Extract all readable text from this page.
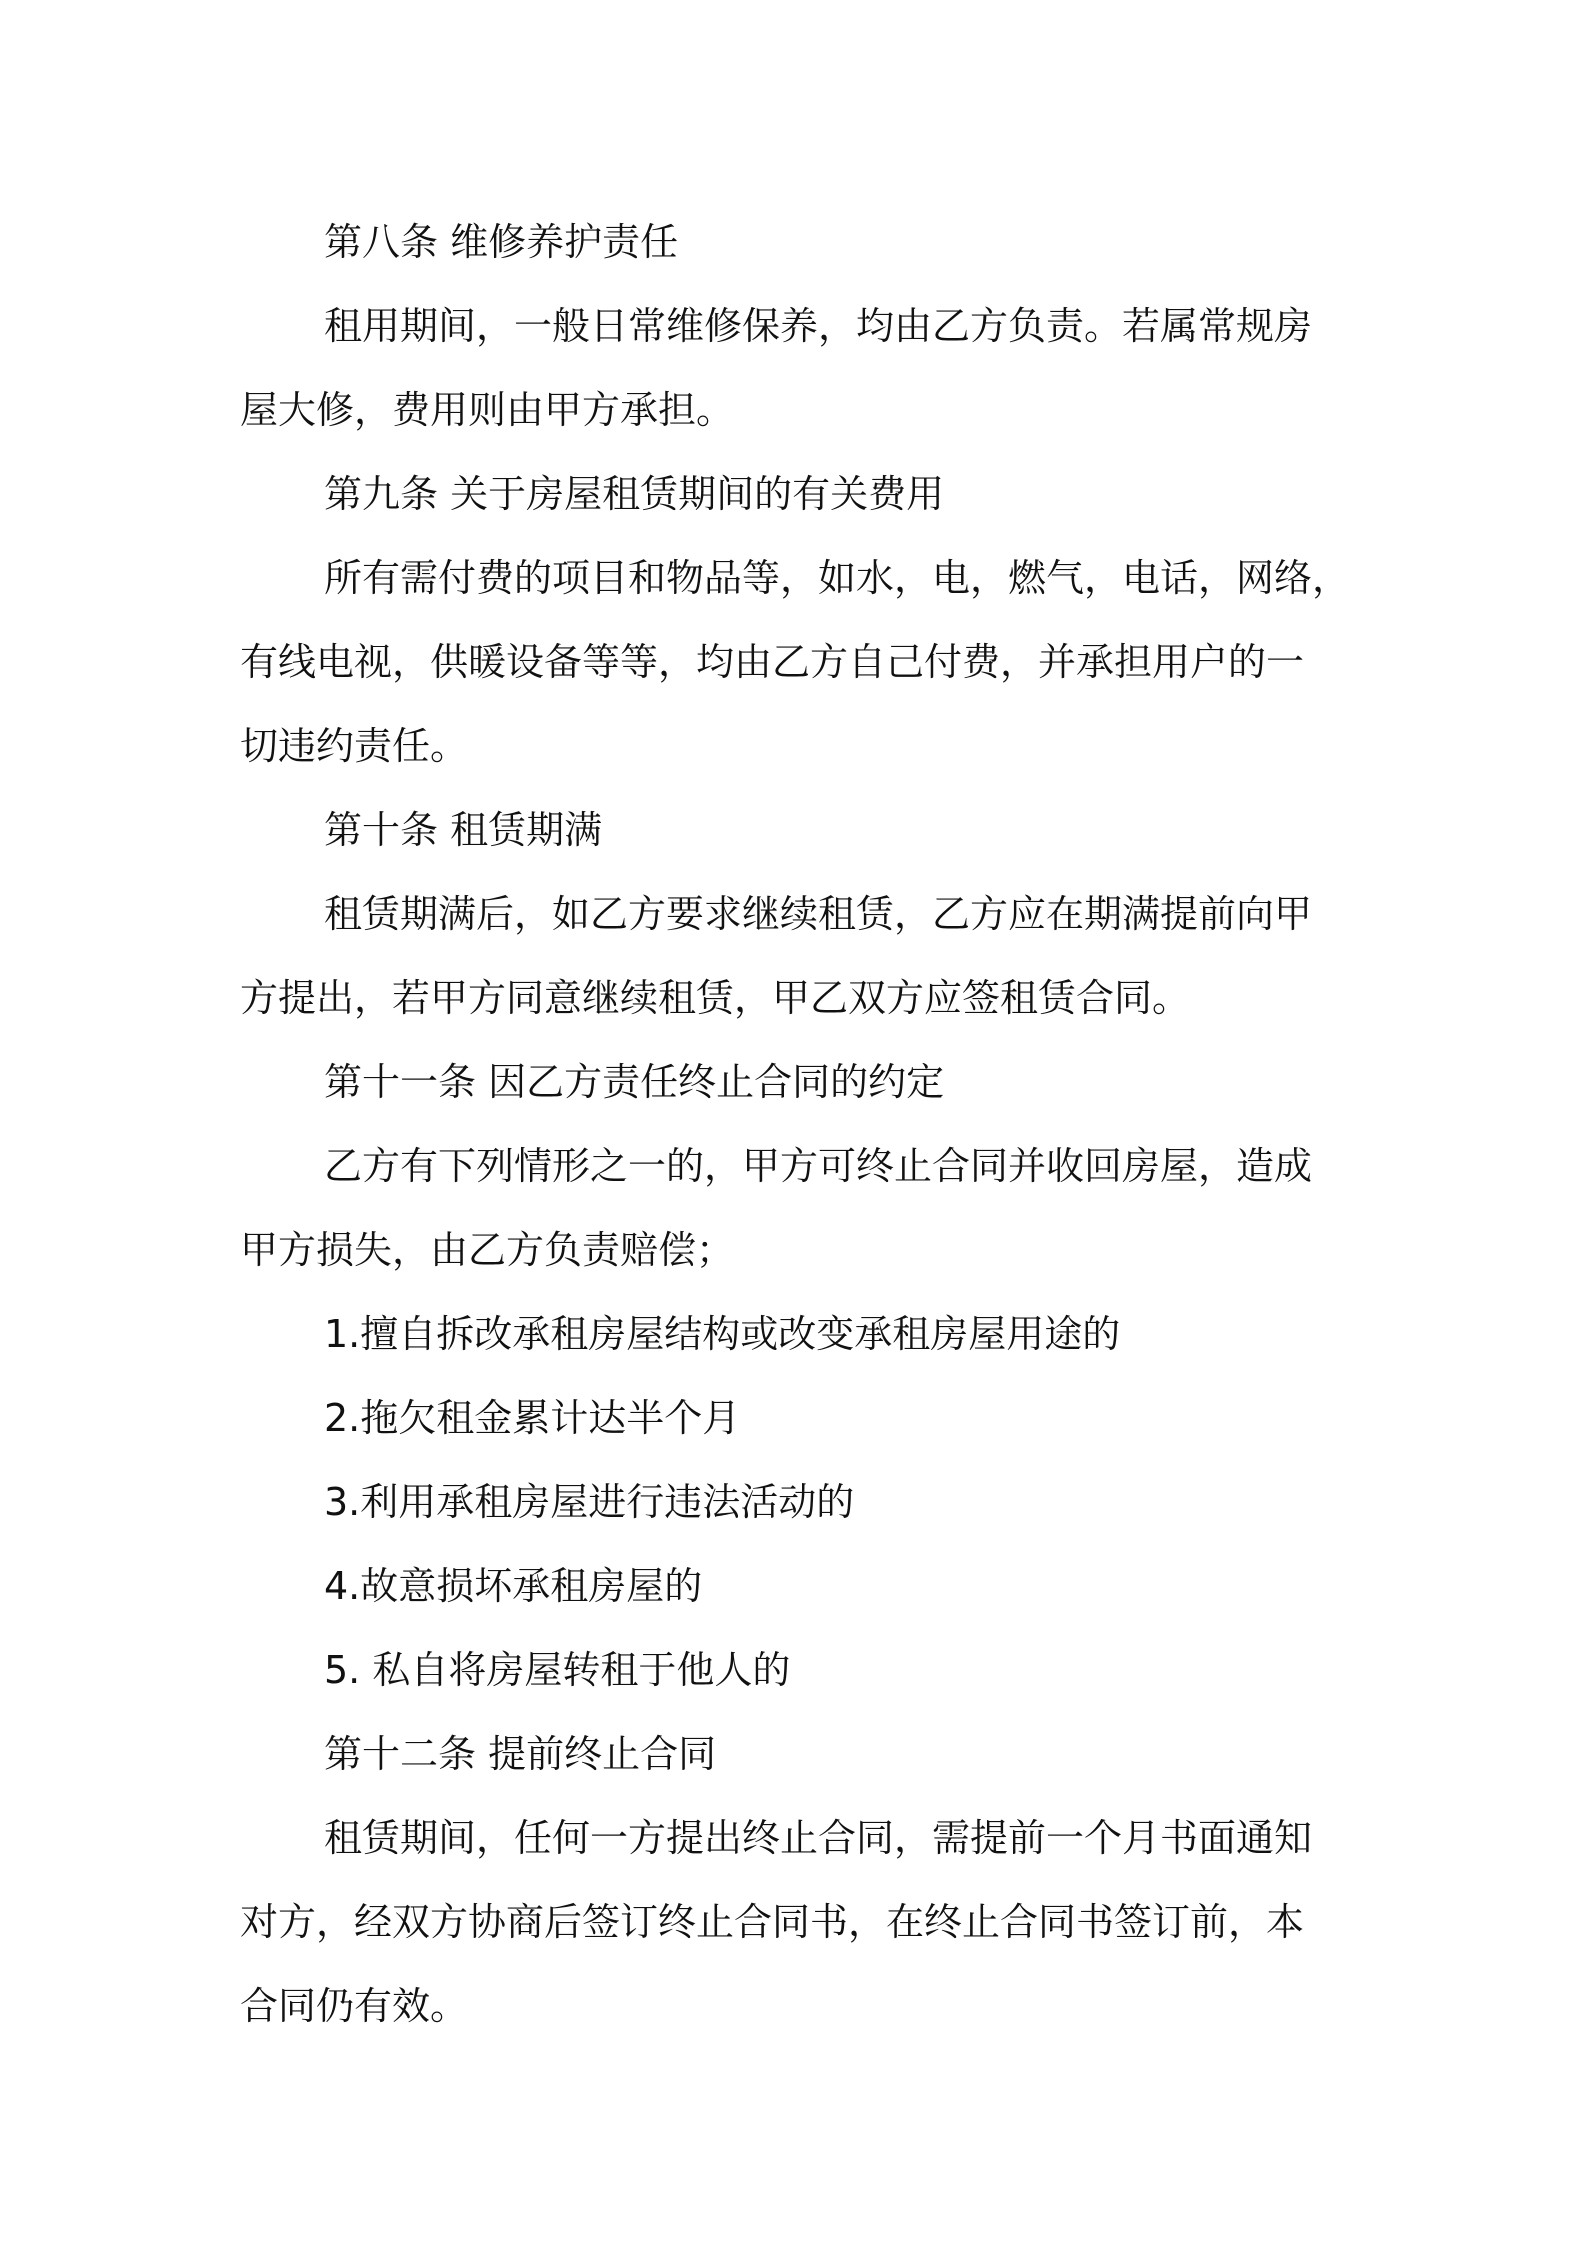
第八条 维修养护责任

租用期间，一般日常维修保养，均由乙方负责。若属常规房

屋大修，费用则由甲方承担。

第九条 关于房屋租赁期间的有关费用

所有需付费的项目和物品等，如水，电，燃气，电话，网络，

有线电视，供暖设备等等，均由乙方自己付费，并承担用户的一

切违约责任。

第十条 租赁期满

租赁期满后，如乙方要求继续租赁，乙方应在期满提前向甲

方提出，若甲方同意继续租赁，甲乙双方应签租赁合同。

第十一条 因乙方责任终止合同的约定

乙方有下列情形之一的，甲方可终止合同并收回房屋，造成

甲方损失，由乙方负责赔偿；

1.擅自拆改承租房屋结构或改变承租房屋用途的

2.拖欠租金累计达半个月

3.利用承租房屋进行违法活动的

4.故意损坏承租房屋的

5. 私自将房屋转租于他人的

第十二条 提前终止合同

租赁期间，任何一方提出终止合同，需提前一个月书面通知

对方，经双方协商后签订终止合同书，在终止合同书签订前，本

合同仍有效。
